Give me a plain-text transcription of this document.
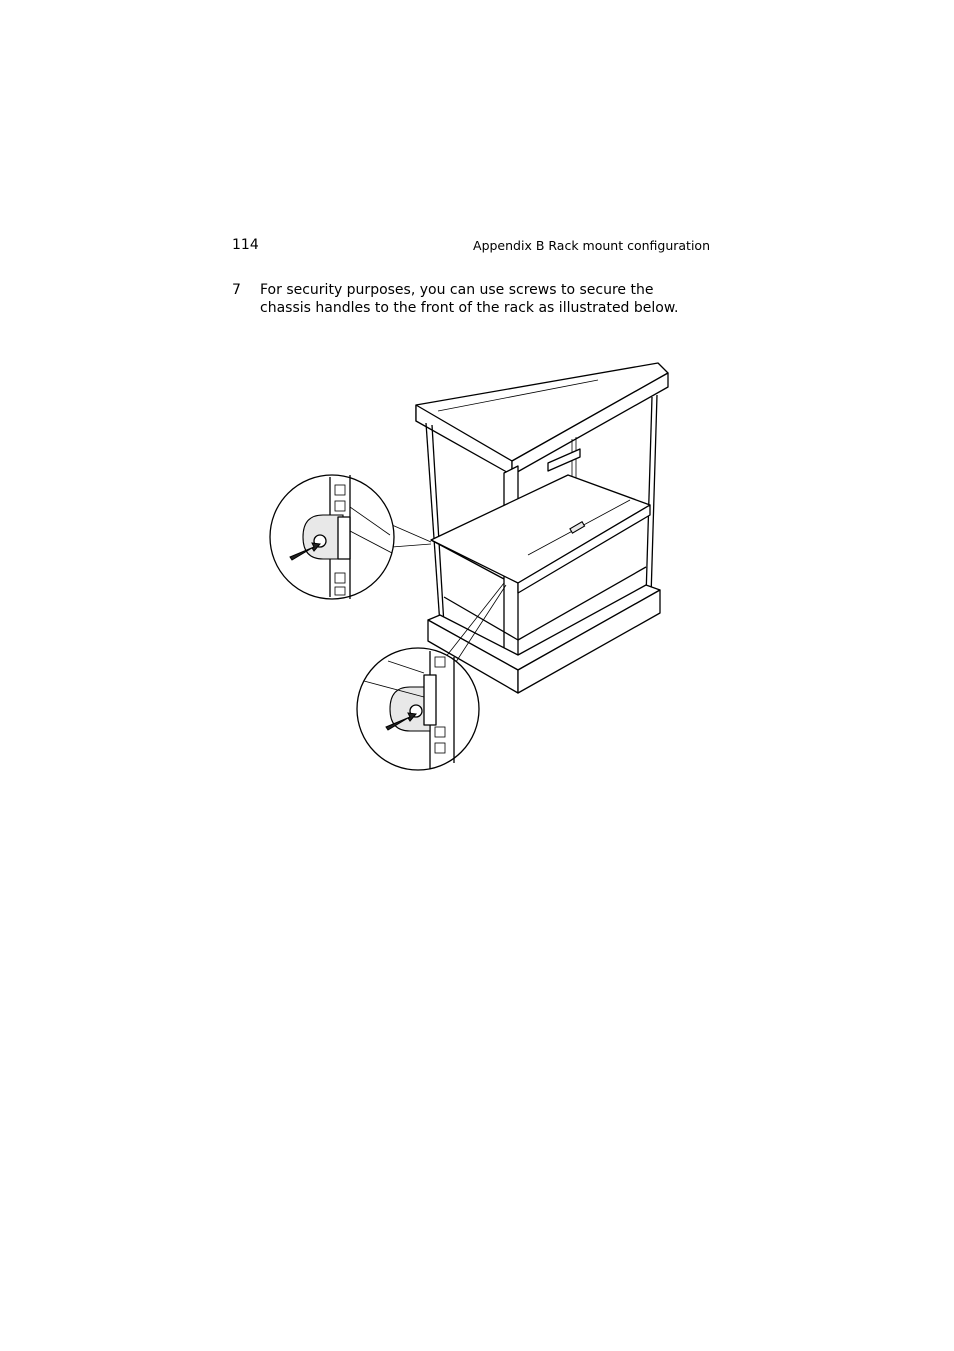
114	Appendix B Rack mount configuration
7 For security purposes, you can use screws to secure the chassis handles to the front of the rack as illustrated below.
